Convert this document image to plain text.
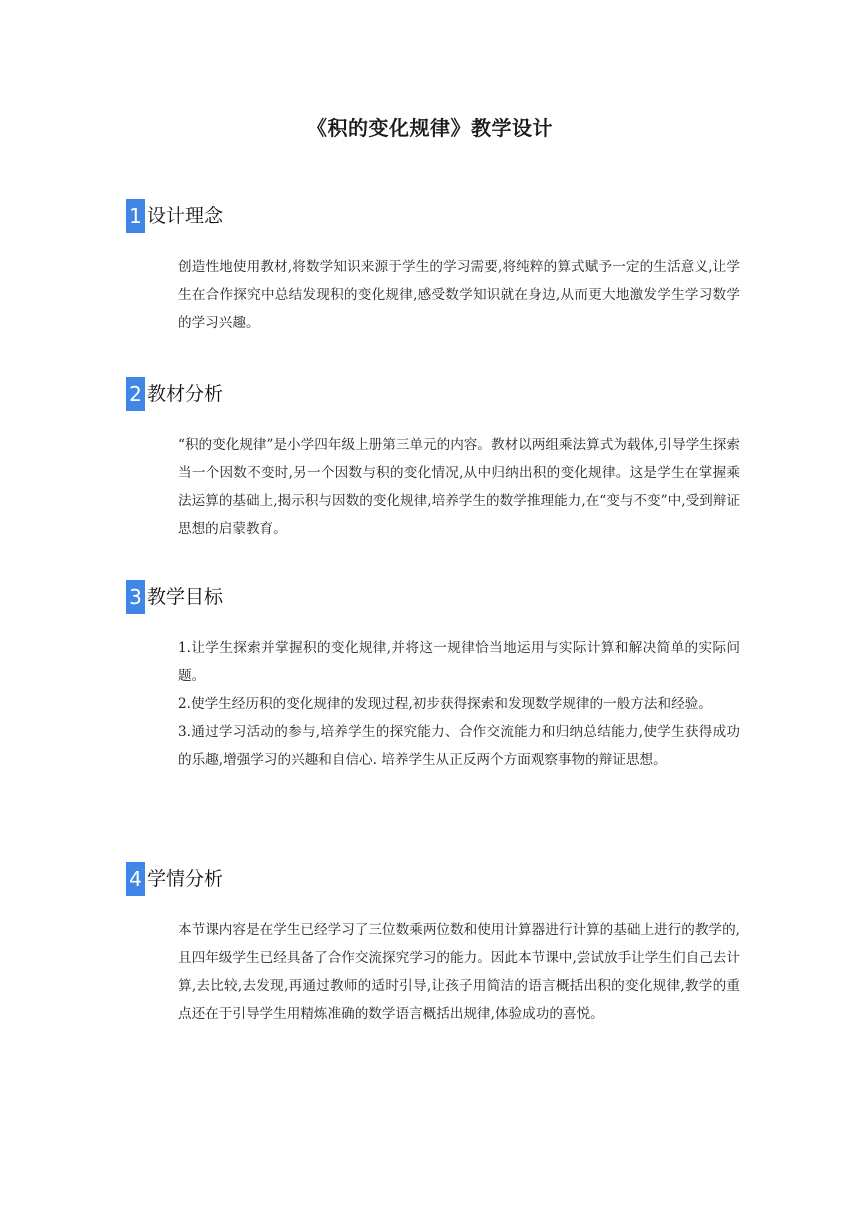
《积的变化规律》教学设计
1 设计理念

创造性地使用教材,将数学知识来源于学生的学习需要,将纯粹的算式赋予一定的生活意义,让学生在合作探究中总结发现积的变化规律,感受数学知识就在身边,从而更大地激发学生学习数学的学习兴趣。

2 教材分析

“积的变化规律”是小学四年级上册第三单元的内容。教材以两组乘法算式为载体,引导学生探索当一个因数不变时,另一个因数与积的变化情况,从中归纳出积的变化规律。这是学生在掌握乘法运算的基础上,揭示积与因数的变化规律,培养学生的数学推理能力,在“变与不变”中,受到辩证思想的启蒙教育。

3 教学目标

1.让学生探索并掌握积的变化规律,并将这一规律恰当地运用与实际计算和解决简单的实际问题。

2.使学生经历积的变化规律的发现过程,初步获得探索和发现数学规律的一般方法和经验。

3.通过学习活动的参与,培养学生的探究能力、合作交流能力和归纳总结能力,使学生获得成功的乐趣,增强学习的兴趣和自信心. 培养学生从正反两个方面观察事物的辩证思想。

4 学情分析

本节课内容是在学生已经学习了三位数乘两位数和使用计算器进行计算的基础上进行的教学的,且四年级学生已经具备了合作交流探究学习的能力。因此本节课中,尝试放手让学生们自己去计算,去比较,去发现,再通过教师的适时引导,让孩子用简洁的语言概括出积的变化规律,教学的重点还在于引导学生用精炼准确的数学语言概括出规律,体验成功的喜悦。
